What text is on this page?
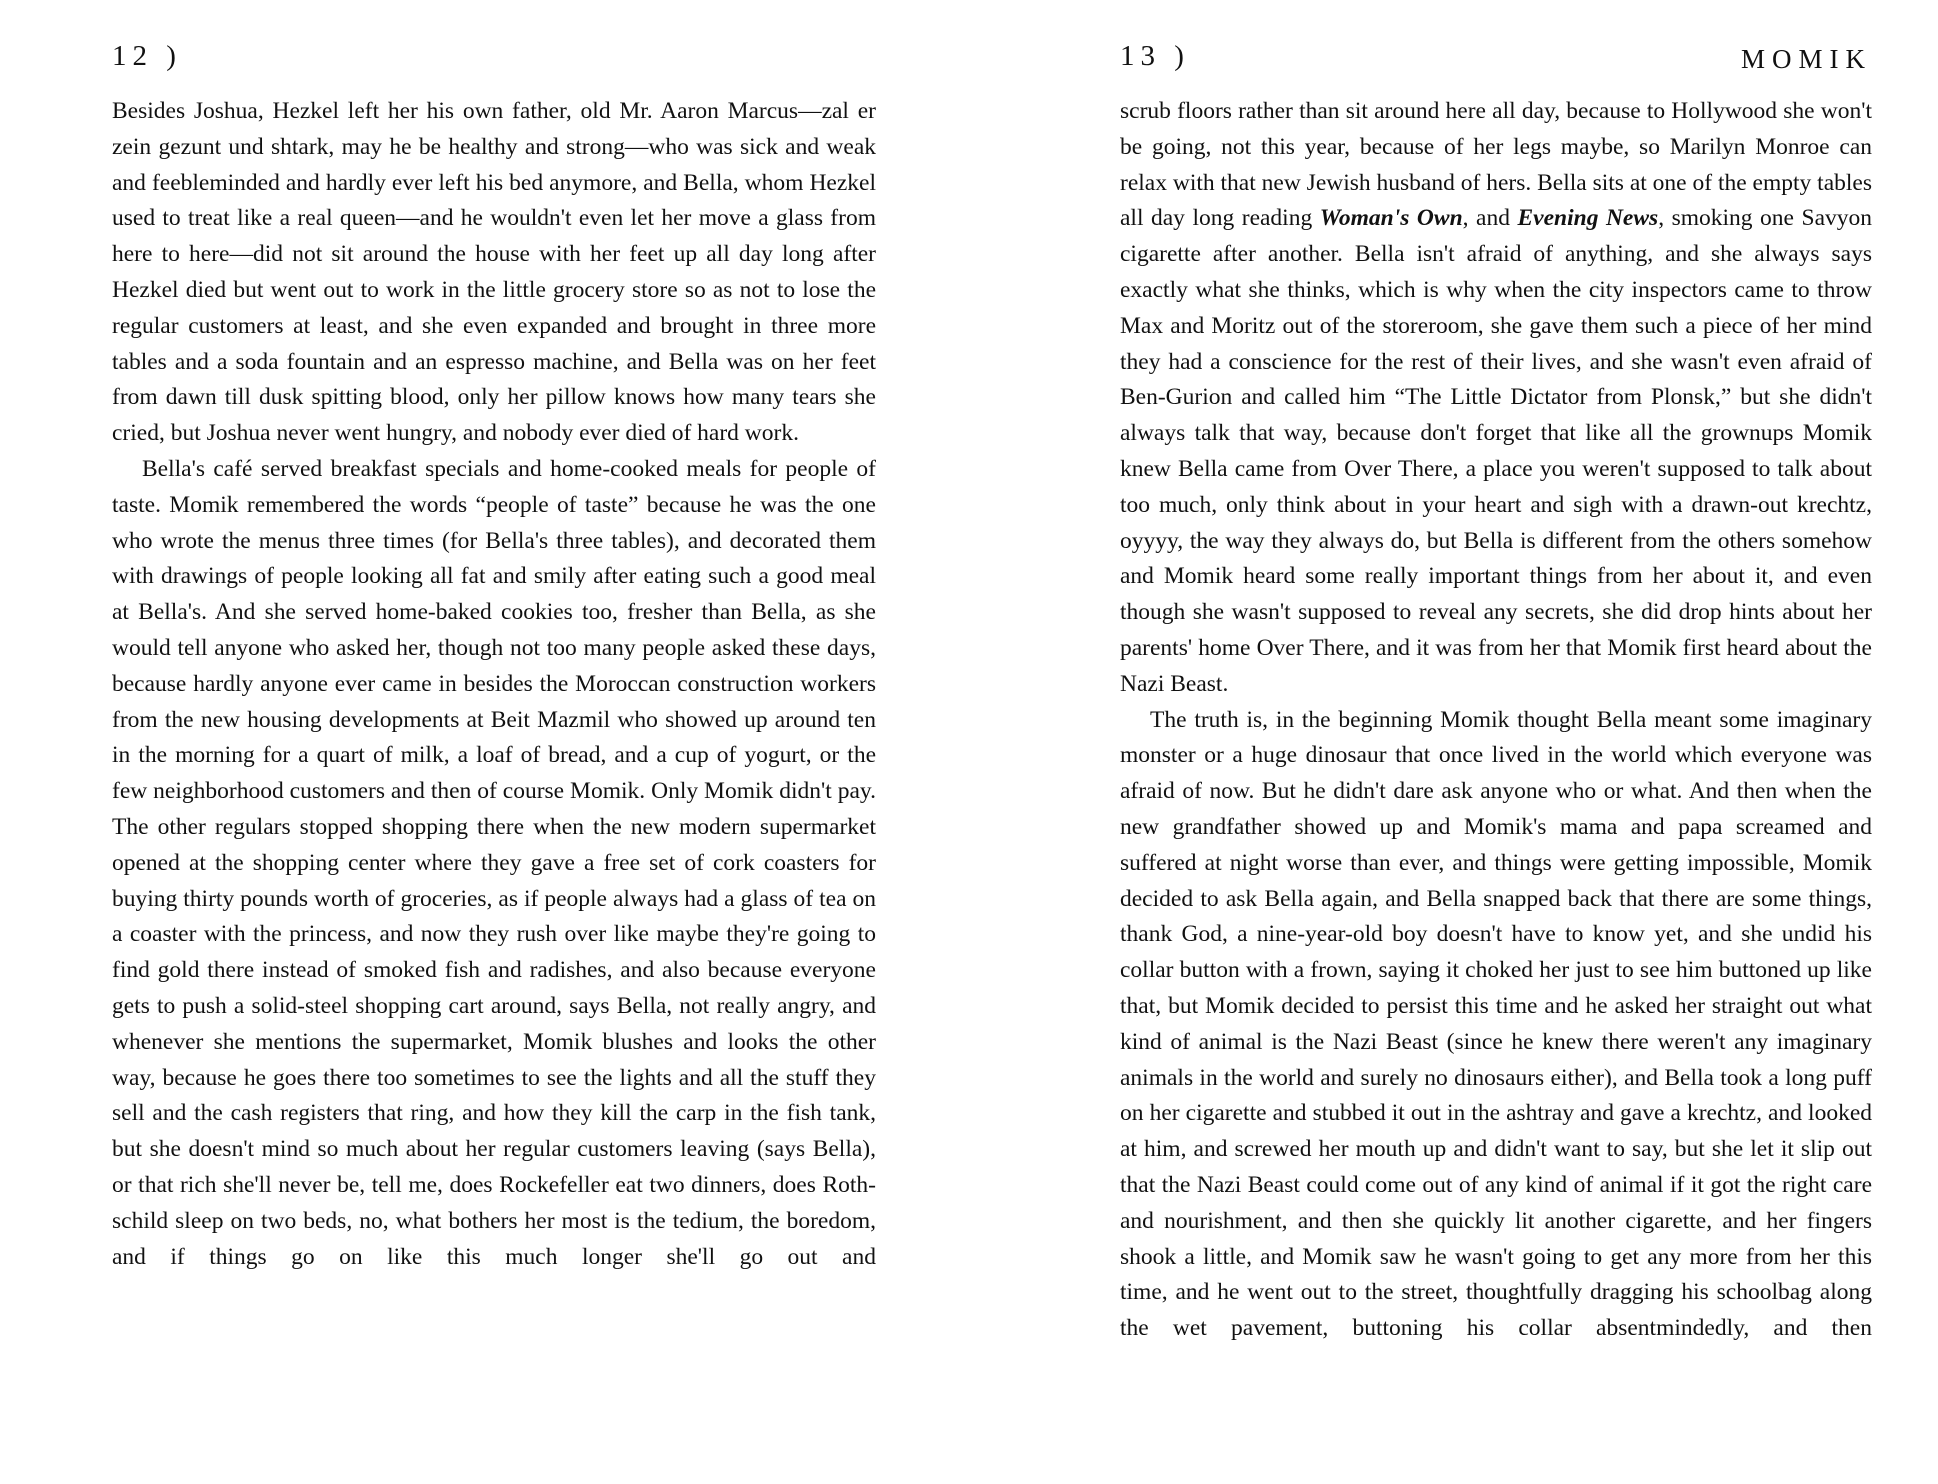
12 )

Besides Joshua, Hezkel left her his own father, old Mr. Aaron Marcus—zal er zein gezunt und shtark, may he be healthy and strong—who was sick and weak and feebleminded and hardly ever left his bed anymore, and Bella, whom Hezkel used to treat like a real queen—and he wouldn't even let her move a glass from here to here—did not sit around the house with her feet up all day long after Hezkel died but went out to work in the little grocery store so as not to lose the regular customers at least, and she even expanded and brought in three more tables and a soda fountain and an espresso machine, and Bella was on her feet from dawn till dusk spitting blood, only her pillow knows how many tears she cried, but Joshua never went hungry, and nobody ever died of hard work.

Bella's café served breakfast specials and home-cooked meals for people of taste. Momik remembered the words “people of taste” because he was the one who wrote the menus three times (for Bella's three tables), and decorated them with drawings of people looking all fat and smily after eating such a good meal at Bella's. And she served home-baked cookies too, fresher than Bella, as she would tell anyone who asked her, though not too many people asked these days, because hardly anyone ever came in besides the Moroccan construction workers from the new housing developments at Beit Mazmil who showed up around ten in the morning for a quart of milk, a loaf of bread, and a cup of yogurt, or the few neighborhood customers and then of course Momik. Only Momik didn't pay. The other regulars stopped shopping there when the new modern supermarket opened at the shopping center where they gave a free set of cork coasters for buying thirty pounds worth of groceries, as if people always had a glass of tea on a coaster with the princess, and now they rush over like maybe they're going to find gold there instead of smoked fish and radishes, and also because everyone gets to push a solid-steel shopping cart around, says Bella, not really angry, and whenever she mentions the supermarket, Momik blushes and looks the other way, because he goes there too sometimes to see the lights and all the stuff they sell and the cash registers that ring, and how they kill the carp in the fish tank, but she doesn't mind so much about her regular customers leaving (says Bella), or that rich she'll never be, tell me, does Rockefeller eat two dinners, does Rothschild sleep on two beds, no, what bothers her most is the tedium, the boredom, and if things go on like this much longer she'll go out and

13 )	MOMIK

scrub floors rather than sit around here all day, because to Hollywood she won't be going, not this year, because of her legs maybe, so Marilyn Monroe can relax with that new Jewish husband of hers. Bella sits at one of the empty tables all day long reading Woman's Own, and Evening News, smoking one Savyon cigarette after another. Bella isn't afraid of anything, and she always says exactly what she thinks, which is why when the city inspectors came to throw Max and Moritz out of the storeroom, she gave them such a piece of her mind they had a conscience for the rest of their lives, and she wasn't even afraid of Ben-Gurion and called him “The Little Dictator from Plonsk,” but she didn't always talk that way, because don't forget that like all the grownups Momik knew Bella came from Over There, a place you weren't supposed to talk about too much, only think about in your heart and sigh with a drawn-out krechtz, oyyyy, the way they always do, but Bella is different from the others somehow and Momik heard some really important things from her about it, and even though she wasn't supposed to reveal any secrets, she did drop hints about her parents' home Over There, and it was from her that Momik first heard about the Nazi Beast.

The truth is, in the beginning Momik thought Bella meant some imaginary monster or a huge dinosaur that once lived in the world which everyone was afraid of now. But he didn't dare ask anyone who or what. And then when the new grandfather showed up and Momik's mama and papa screamed and suffered at night worse than ever, and things were getting impossible, Momik decided to ask Bella again, and Bella snapped back that there are some things, thank God, a nine-year-old boy doesn't have to know yet, and she undid his collar button with a frown, saying it choked her just to see him buttoned up like that, but Momik decided to persist this time and he asked her straight out what kind of animal is the Nazi Beast (since he knew there weren't any imaginary animals in the world and surely no dinosaurs either), and Bella took a long puff on her cigarette and stubbed it out in the ashtray and gave a krechtz, and looked at him, and screwed her mouth up and didn't want to say, but she let it slip out that the Nazi Beast could come out of any kind of animal if it got the right care and nourishment, and then she quickly lit another cigarette, and her fingers shook a little, and Momik saw he wasn't going to get any more from her this time, and he went out to the street, thoughtfully dragging his schoolbag along the wet pavement, buttoning his collar absentmindedly, and then
